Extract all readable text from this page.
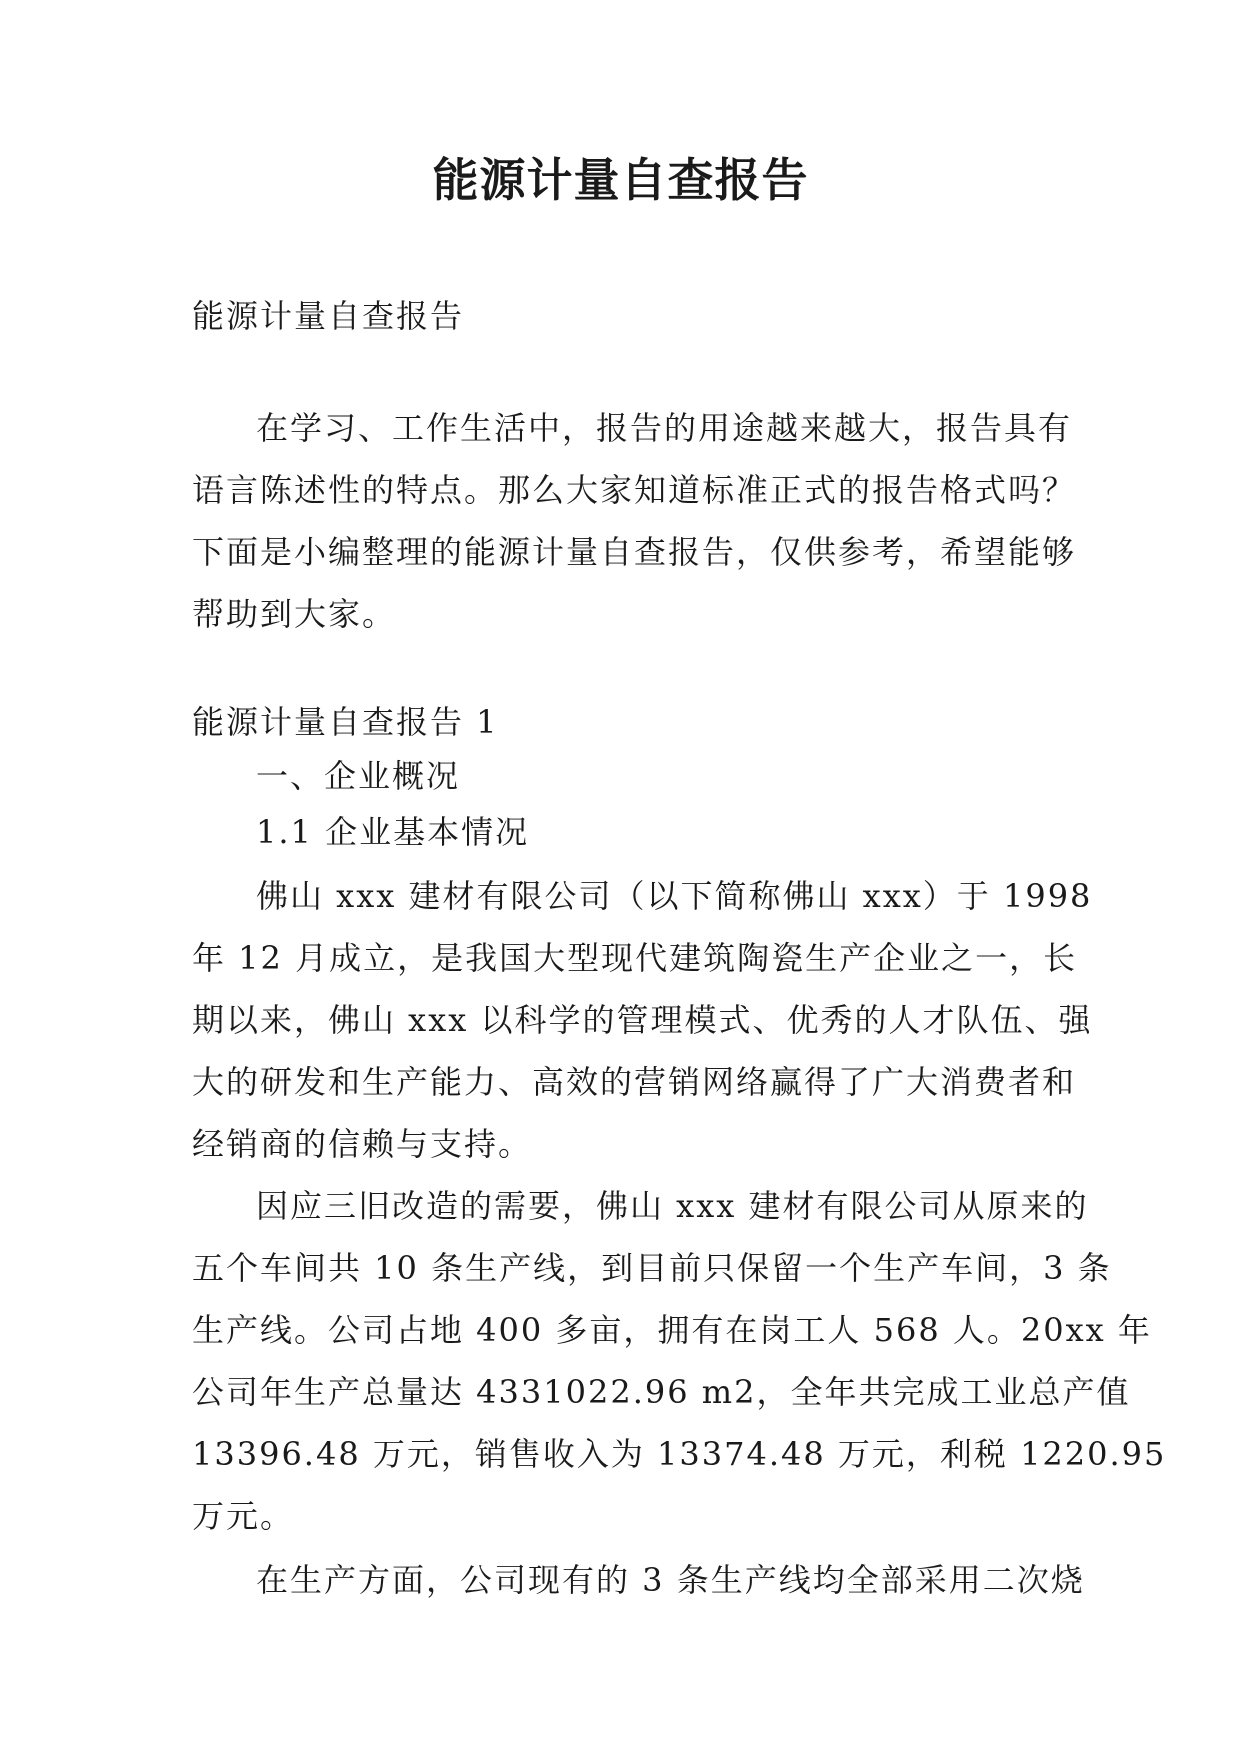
能源计量自查报告
能源计量自查报告
在学习、工作生活中，报告的用途越来越大，报告具有
语言陈述性的特点。那么大家知道标准正式的报告格式吗？
下面是小编整理的能源计量自查报告，仅供参考，希望能够
帮助到大家。
能源计量自查报告 1
一、企业概况
1.1 企业基本情况
佛山 xxx 建材有限公司（以下简称佛山 xxx）于 1998
年 12 月成立，是我国大型现代建筑陶瓷生产企业之一，长
期以来，佛山 xxx 以科学的管理模式、优秀的人才队伍、强
大的研发和生产能力、高效的营销网络赢得了广大消费者和
经销商的信赖与支持。
因应三旧改造的需要，佛山 xxx 建材有限公司从原来的
五个车间共 10 条生产线，到目前只保留一个生产车间，3 条
生产线。公司占地 400 多亩，拥有在岗工人 568 人。20xx 年
公司年生产总量达 4331022.96 m2，全年共完成工业总产值
13396.48 万元，销售收入为 13374.48 万元，利税 1220.95
万元。
在生产方面，公司现有的 3 条生产线均全部采用二次烧
